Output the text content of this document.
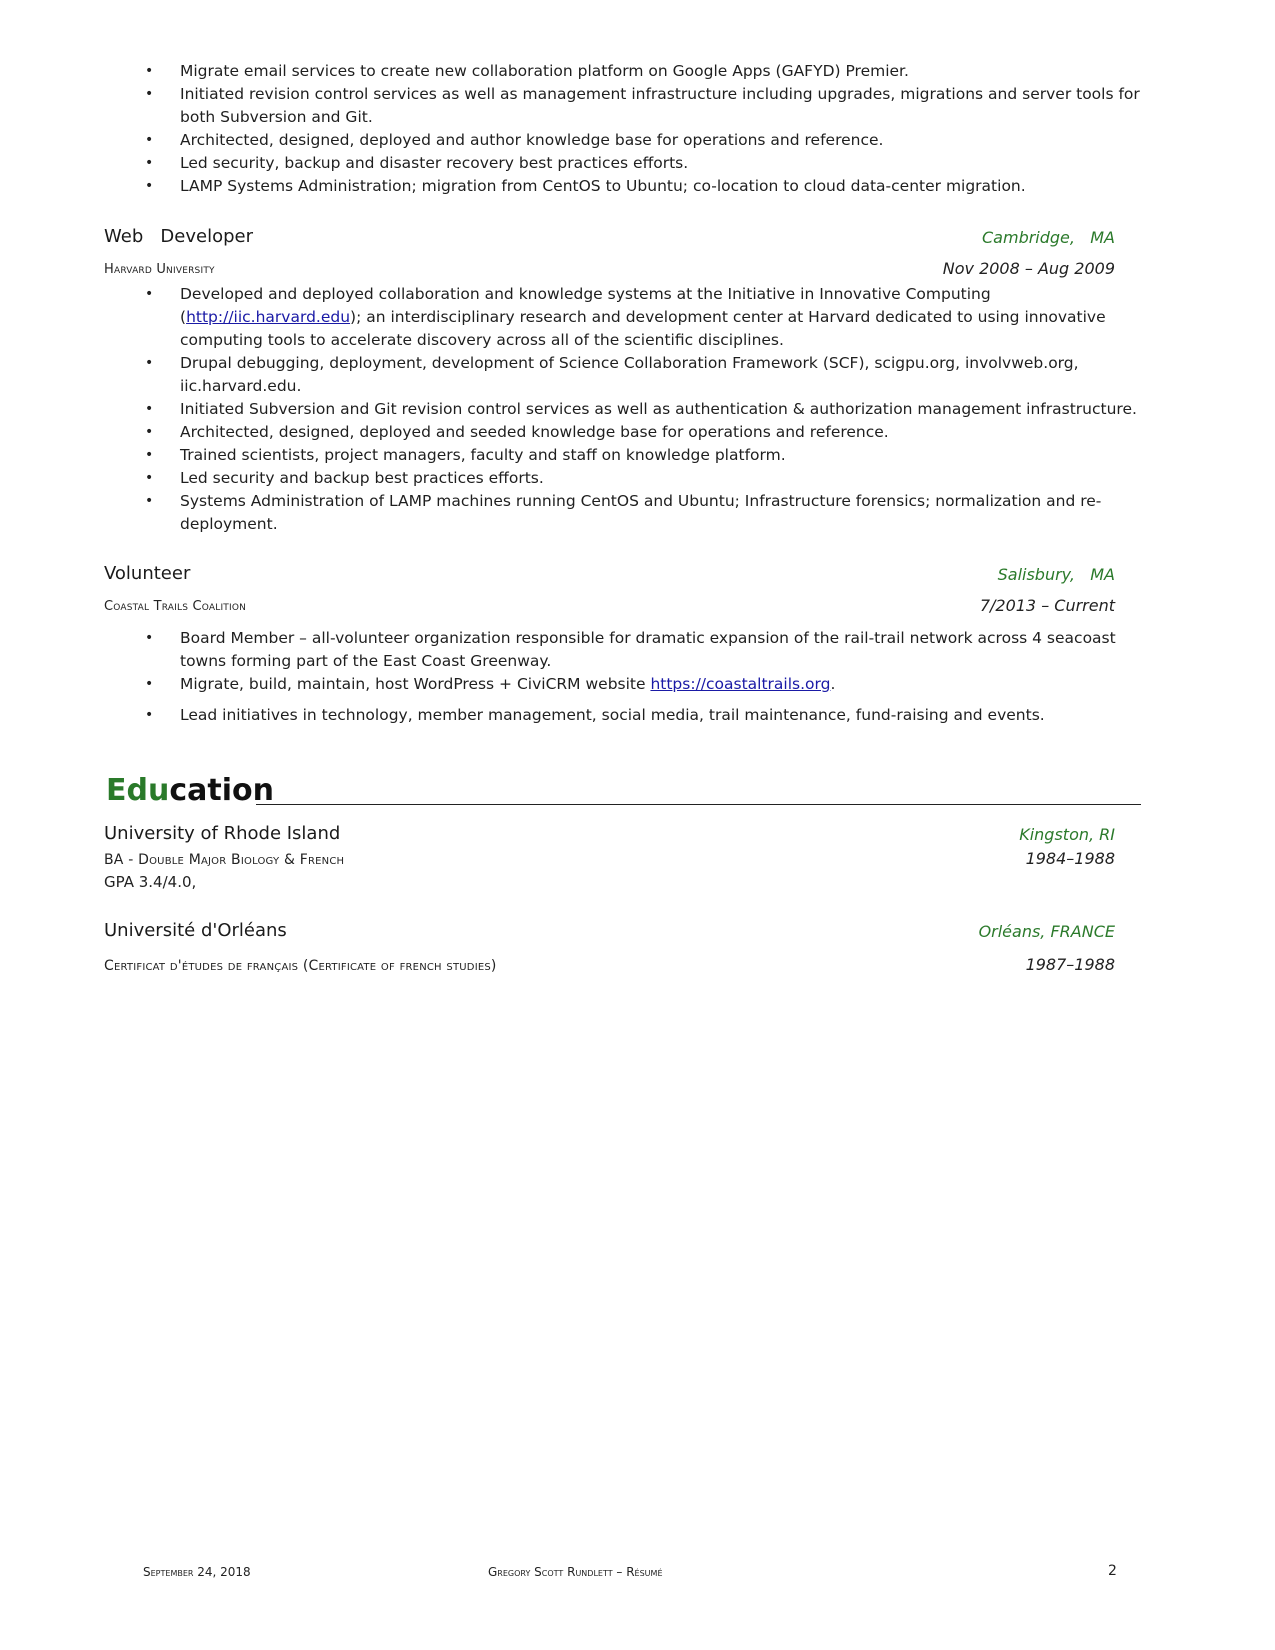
• Migrate email services to create new collaboration platform on Google Apps (GAFYD) Premier.
• Initiated revision control services as well as management infrastructure including upgrades, migrations and server tools for both Subversion and Git.
• Architected, designed, deployed and author knowledge base for operations and reference.
• Led security, backup and disaster recovery best practices efforts.
• LAMP Systems Administration; migration from CentOS to Ubuntu; co-location to cloud data-center migration.
Web   Developer	Cambridge,   MA
Harvard University	Nov 2008 – Aug 2009
• Developed and deployed collaboration and knowledge systems at the Initiative in Innovative Computing (http://iic.harvard.edu); an interdisciplinary research and development center at Harvard dedicated to using innovative computing tools to accelerate discovery across all of the scientific disciplines.
• Drupal debugging, deployment, development of Science Collaboration Framework (SCF), scigpu.org, involvweb.org, iic.harvard.edu.
• Initiated Subversion and Git revision control services as well as authentication & authorization management infrastructure.
• Architected, designed, deployed and seeded knowledge base for operations and reference.
• Trained scientists, project managers, faculty and staff on knowledge platform.
• Led security and backup best practices efforts.
• Systems Administration of LAMP machines running CentOS and Ubuntu; Infrastructure forensics; normalization and re-deployment.
Volunteer	Salisbury,   MA
Coastal Trails Coalition	7/2013 – Current
• Board Member – all-volunteer organization responsible for dramatic expansion of the rail-trail network across 4 seacoast towns forming part of the East Coast Greenway.
• Migrate, build, maintain, host WordPress + CiviCRM website https://coastaltrails.org.
• Lead initiatives in technology, member management, social media, trail maintenance, fund-raising and events.
Education
University of Rhode Island	Kingston, RI
BA - Double Major Biology & French	1984–1988
GPA 3.4/4.0,
Université d'Orléans	Orléans, FRANCE
Certificat d'études de français (Certificate of french studies)	1987–1988
September 24, 2018	Gregory Scott Rundlett – Résumé	2
